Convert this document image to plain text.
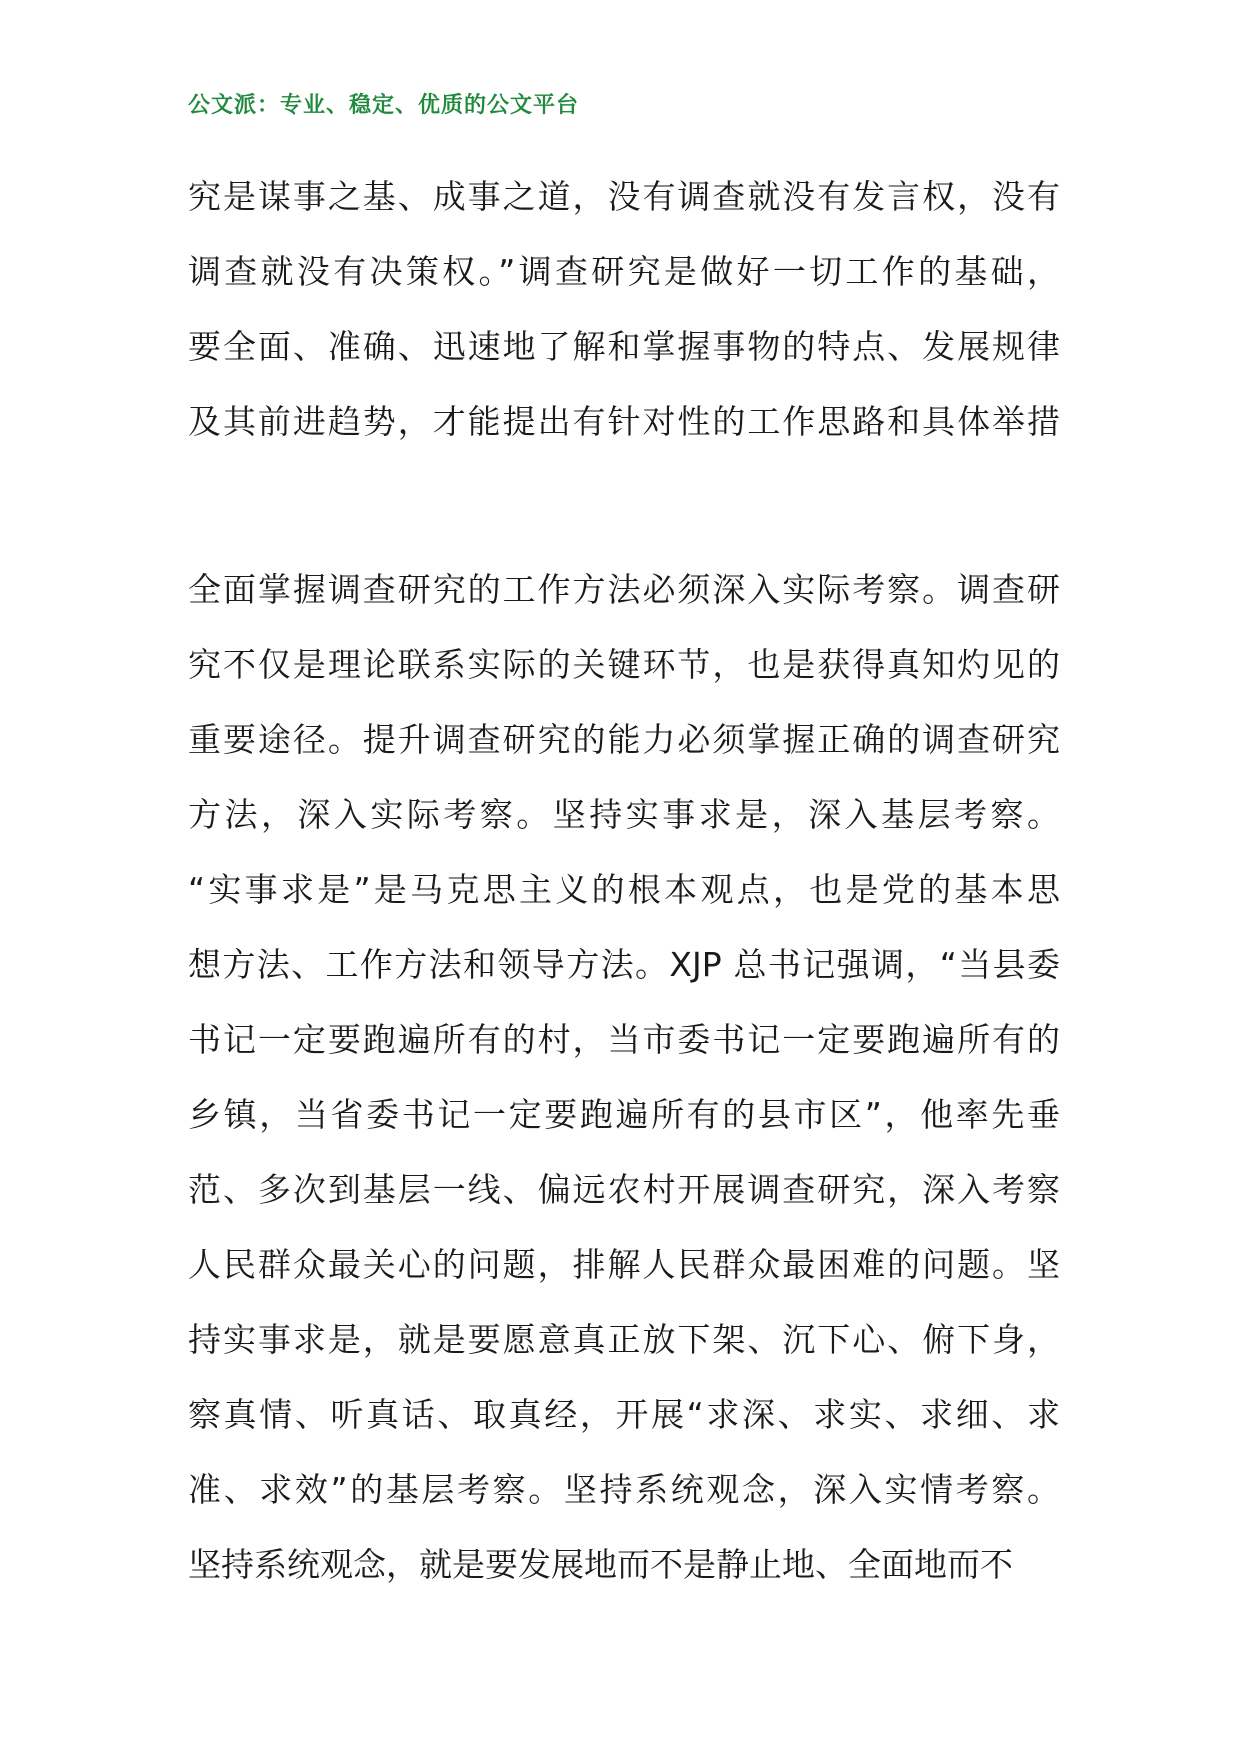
公文派：专业、稳定、优质的公文平台
究是谋事之基、成事之道，没有调查就没有发言权，没有
调查就没有决策权。”调查研究是做好一切工作的基础，
要全面、准确、迅速地了解和掌握事物的特点、发展规律
及其前进趋势，才能提出有针对性的工作思路和具体举措
全面掌握调查研究的工作方法必须深入实际考察。调查研
究不仅是理论联系实际的关键环节，也是获得真知灼见的
重要途径。提升调查研究的能力必须掌握正确的调查研究
方法，深入实际考察。坚持实事求是，深入基层考察。
“实事求是”是马克思主义的根本观点，也是党的基本思
想方法、工作方法和领导方法。XJP 总书记强调，“当县委
书记一定要跑遍所有的村，当市委书记一定要跑遍所有的
乡镇，当省委书记一定要跑遍所有的县市区”，他率先垂
范、多次到基层一线、偏远农村开展调查研究，深入考察
人民群众最关心的问题，排解人民群众最困难的问题。坚
持实事求是，就是要愿意真正放下架、沉下心、俯下身，
察真情、听真话、取真经，开展“求深、求实、求细、求
准、求效”的基层考察。坚持系统观念，深入实情考察。
坚持系统观念，就是要发展地而不是静止地、全面地而不
